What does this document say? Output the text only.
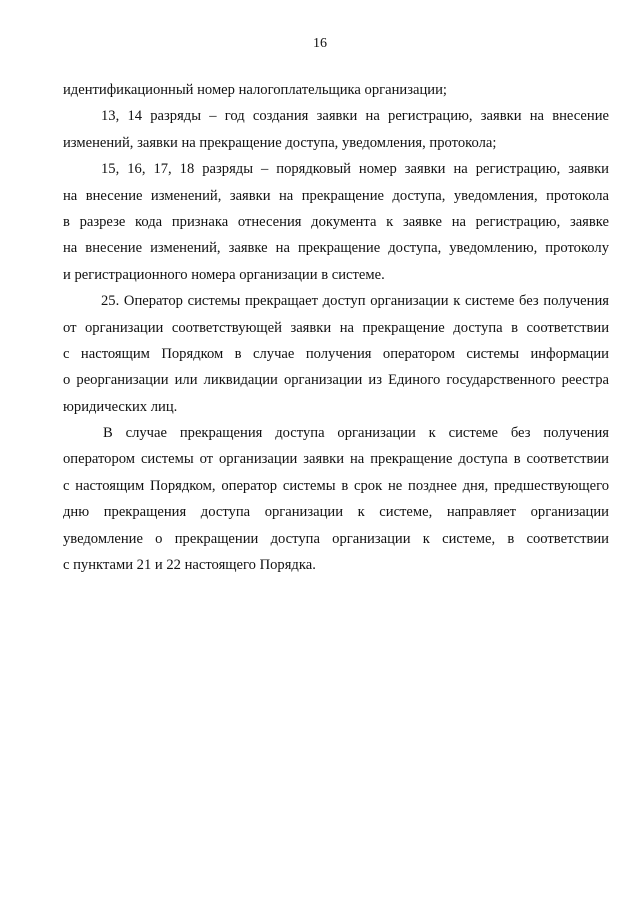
16
идентификационный номер налогоплательщика организации;
13, 14 разряды – год создания заявки на регистрацию, заявки на внесение
изменений, заявки на прекращение доступа, уведомления, протокола;
15, 16, 17, 18 разряды – порядковый номер заявки на регистрацию, заявки
на внесение изменений, заявки на прекращение доступа, уведомления, протокола
в разрезе кода признака отнесения документа к заявке на регистрацию, заявке
на внесение изменений, заявке на прекращение доступа, уведомлению, протоколу
и регистрационного номера организации в системе.
25. Оператор системы прекращает доступ организации к системе без получения
от организации соответствующей заявки на прекращение доступа в соответствии
с настоящим Порядком в случае получения оператором системы информации
о реорганизации или ликвидации организации из Единого государственного реестра
юридических лиц.
В случае прекращения доступа организации к системе без получения
оператором системы от организации заявки на прекращение доступа в соответствии
с настоящим Порядком, оператор системы в срок не позднее дня, предшествующего
дню прекращения доступа организации к системе, направляет организации
уведомление о прекращении доступа организации к системе, в соответствии
с пунктами 21 и 22 настоящего Порядка.
